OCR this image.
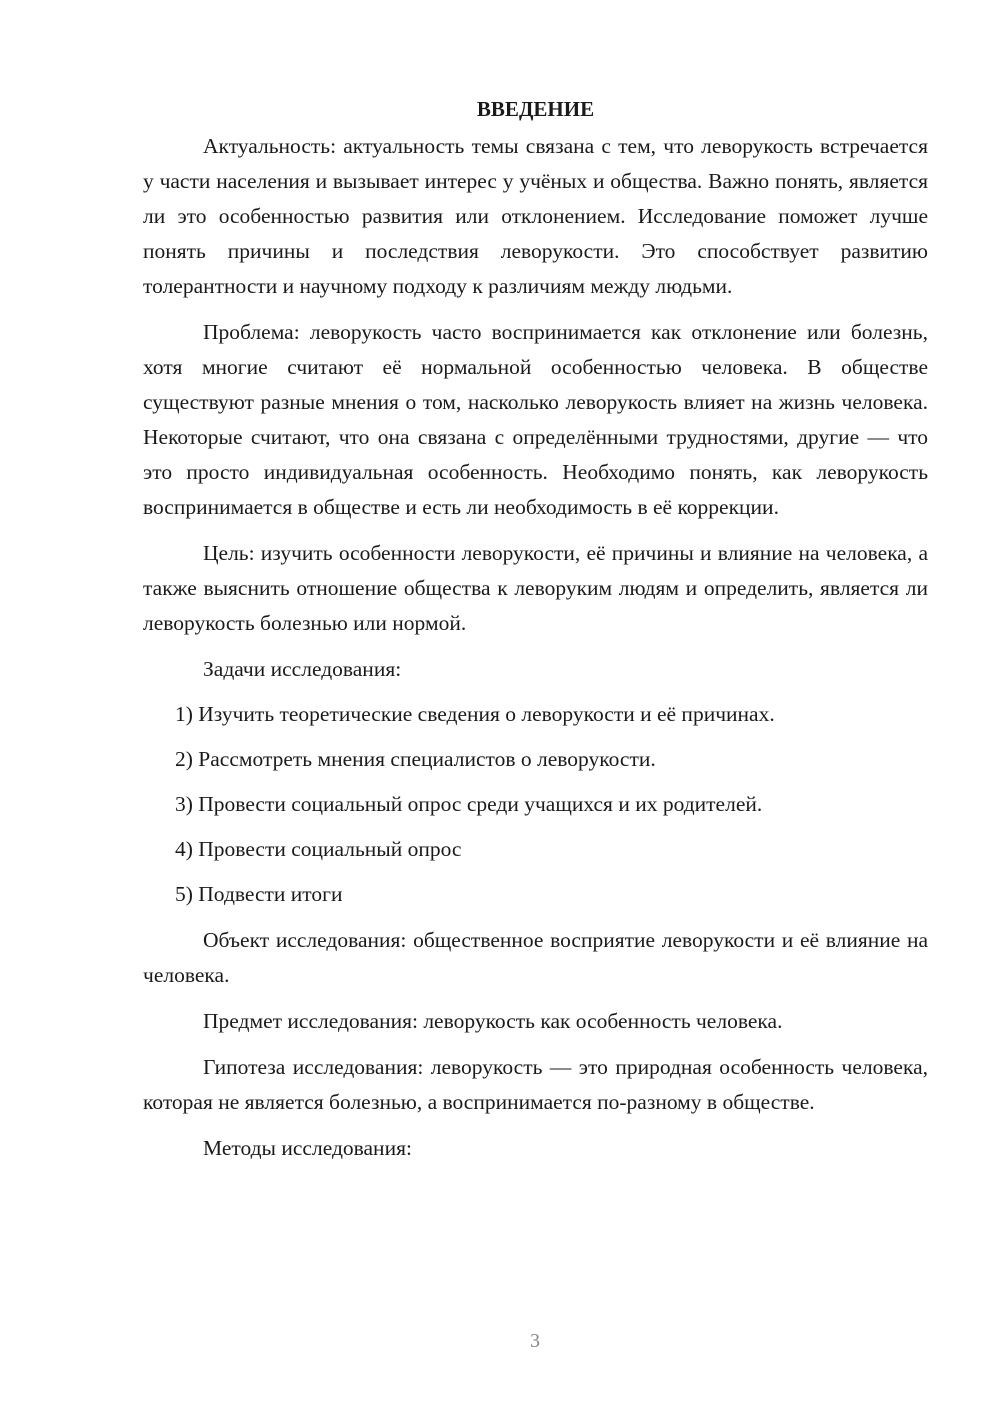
ВВЕДЕНИЕ

Актуальность: актуальность темы связана с тем, что леворукость встречается у части населения и вызывает интерес у учёных и общества. Важно понять, является ли это особенностью развития или отклонением. Исследование поможет лучше понять причины и последствия леворукости. Это способствует развитию толерантности и научному подходу к различиям между людьми.

Проблема: леворукость часто воспринимается как отклонение или болезнь, хотя многие считают её нормальной особенностью человека. В обществе существуют разные мнения о том, насколько леворукость влияет на жизнь человека. Некоторые считают, что она связана с определёнными трудностями, другие — что это просто индивидуальная особенность. Необходимо понять, как леворукость воспринимается в обществе и есть ли необходимость в её коррекции.

Цель: изучить особенности леворукости, её причины и влияние на человека, а также выяснить отношение общества к леворуким людям и определить, является ли леворукость болезнью или нормой.

Задачи исследования:

1) Изучить теоретические сведения о леворукости и её причинах.

2) Рассмотреть мнения специалистов о леворукости.

3) Провести социальный опрос среди учащихся и их родителей.

4) Провести социальный опрос

5) Подвести итоги

Объект исследования: общественное восприятие леворукости и её влияние на человека.

Предмет исследования: леворукость как особенность человека.

Гипотеза исследования: леворукость — это природная особенность человека, которая не является болезнью, а воспринимается по-разному в обществе.

Методы исследования:

3
